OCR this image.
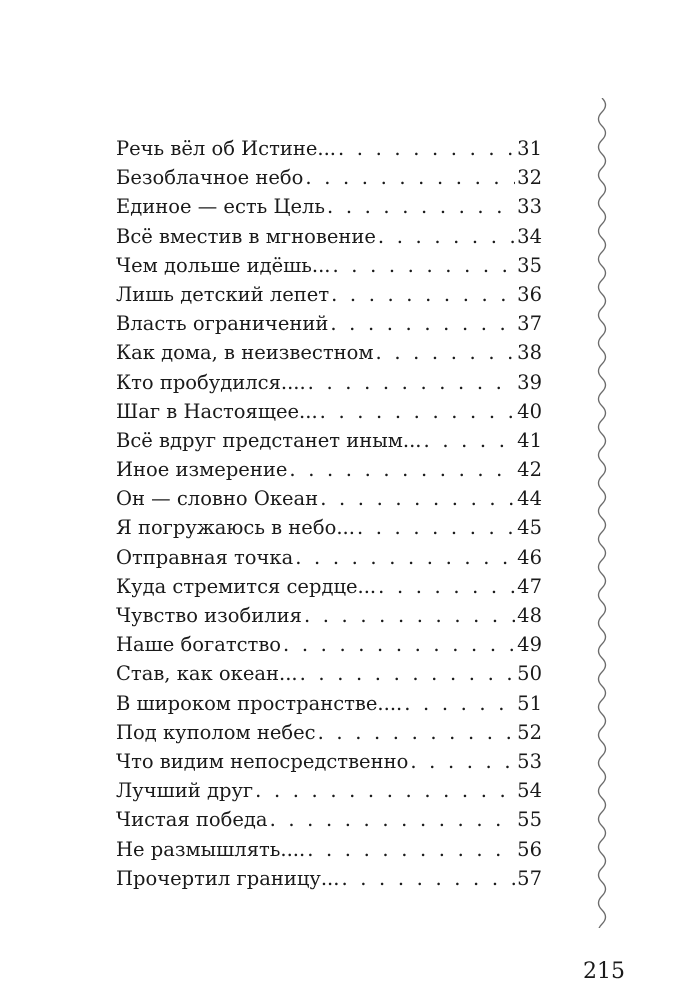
Речь вёл об Истине... . . .	31
Безоблачное небо . . .	32
Единое — есть Цель . . .	33
Всё вместив в мгновение . . .	34
Чем дольше идёшь... . . .	35
Лишь детский лепет . . .	36
Власть ограничений . . .	37
Как дома, в неизвестном . . .	38
Кто пробудился.... . . .	39
Шаг в Настоящее... . . .	40
Всё вдруг предстанет иным... . . .	41
Иное измерение . . .	42
Он — словно Океан . . .	44
Я погружаюсь в небо... . . .	45
Отправная точка . . .	46
Куда стремится сердце... . . .	47
Чувство изобилия . . .	48
Наше богатство . . .	49
Став, как океан... . . .	50
В широком пространстве.... . . .	51
Под куполом небес . . .	52
Что видим непосредственно . . .	53
Лучший друг . . .	54
Чистая победа . . .	55
Не размышлять.... . . .	56
Прочертил границу... . . .	57
215
